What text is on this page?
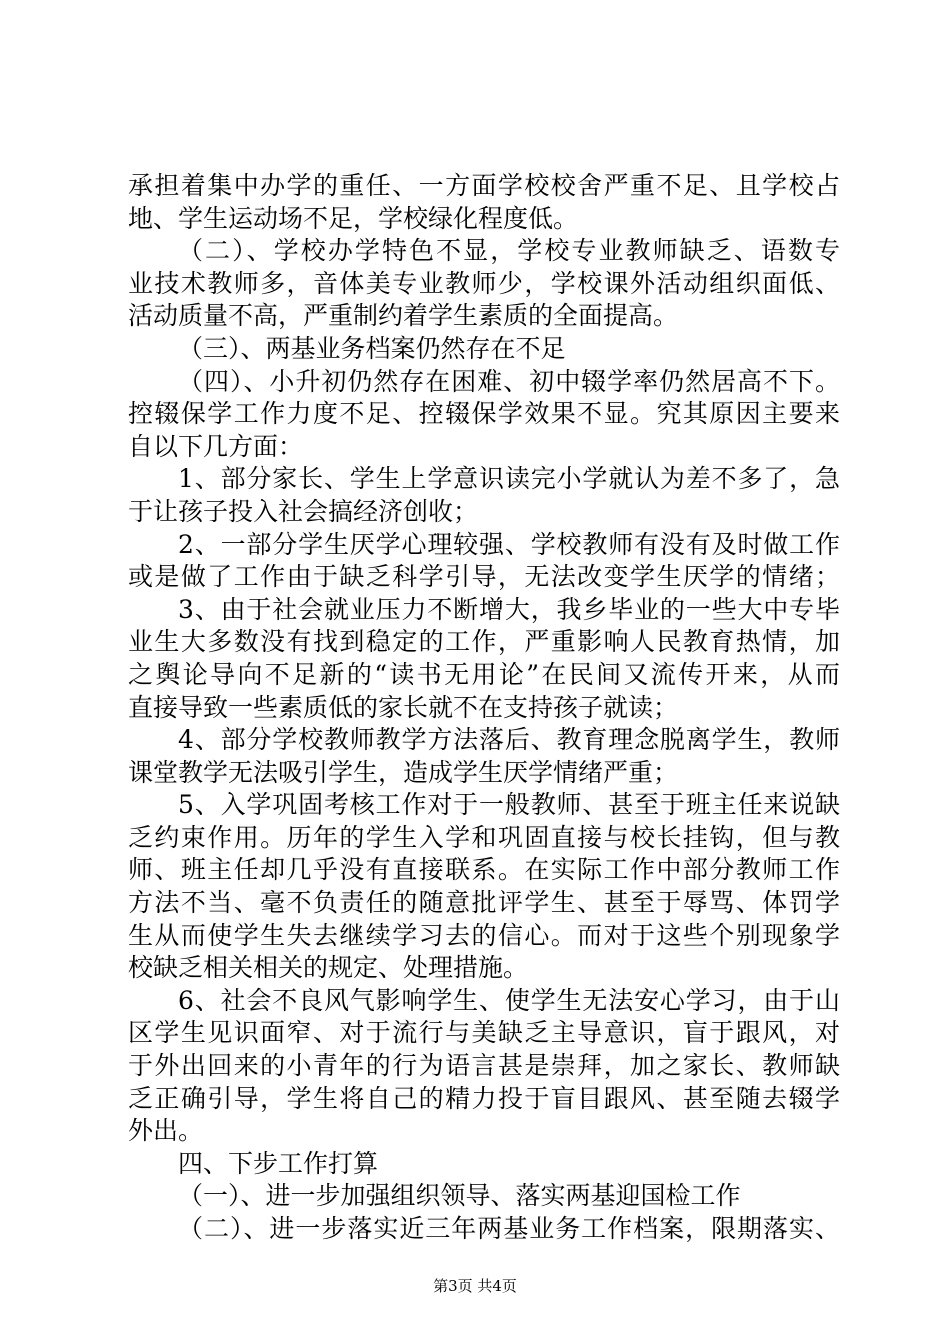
承担着集中办学的重任、一方面学校校舍严重不足、且学校占
地、学生运动场不足，学校绿化程度低。
（二）、学校办学特色不显，学校专业教师缺乏、语数专
业技术教师多，音体美专业教师少，学校课外活动组织面低、
活动质量不高，严重制约着学生素质的全面提高。
（三）、两基业务档案仍然存在不足
（四）、小升初仍然存在困难、初中辍学率仍然居高不下。
控辍保学工作力度不足、控辍保学效果不显。究其原因主要来
自以下几方面：
1、部分家长、学生上学意识读完小学就认为差不多了，急
于让孩子投入社会搞经济创收；
2、一部分学生厌学心理较强、学校教师有没有及时做工作
或是做了工作由于缺乏科学引导，无法改变学生厌学的情绪；
3、由于社会就业压力不断增大，我乡毕业的一些大中专毕
业生大多数没有找到稳定的工作，严重影响人民教育热情，加
之舆论导向不足新的“读书无用论”在民间又流传开来，从而
直接导致一些素质低的家长就不在支持孩子就读；
4、部分学校教师教学方法落后、教育理念脱离学生，教师
课堂教学无法吸引学生，造成学生厌学情绪严重；
5、入学巩固考核工作对于一般教师、甚至于班主任来说缺
乏约束作用。历年的学生入学和巩固直接与校长挂钩，但与教
师、班主任却几乎没有直接联系。在实际工作中部分教师工作
方法不当、毫不负责任的随意批评学生、甚至于辱骂、体罚学
生从而使学生失去继续学习去的信心。而对于这些个别现象学
校缺乏相关相关的规定、处理措施。
6、社会不良风气影响学生、使学生无法安心学习，由于山
区学生见识面窄、对于流行与美缺乏主导意识，盲于跟风，对
于外出回来的小青年的行为语言甚是崇拜，加之家长、教师缺
乏正确引导，学生将自己的精力投于盲目跟风、甚至随去辍学
外出。
四、下步工作打算
（一）、进一步加强组织领导、落实两基迎国检工作
（二）、进一步落实近三年两基业务工作档案，限期落实、
第3页 共4页
